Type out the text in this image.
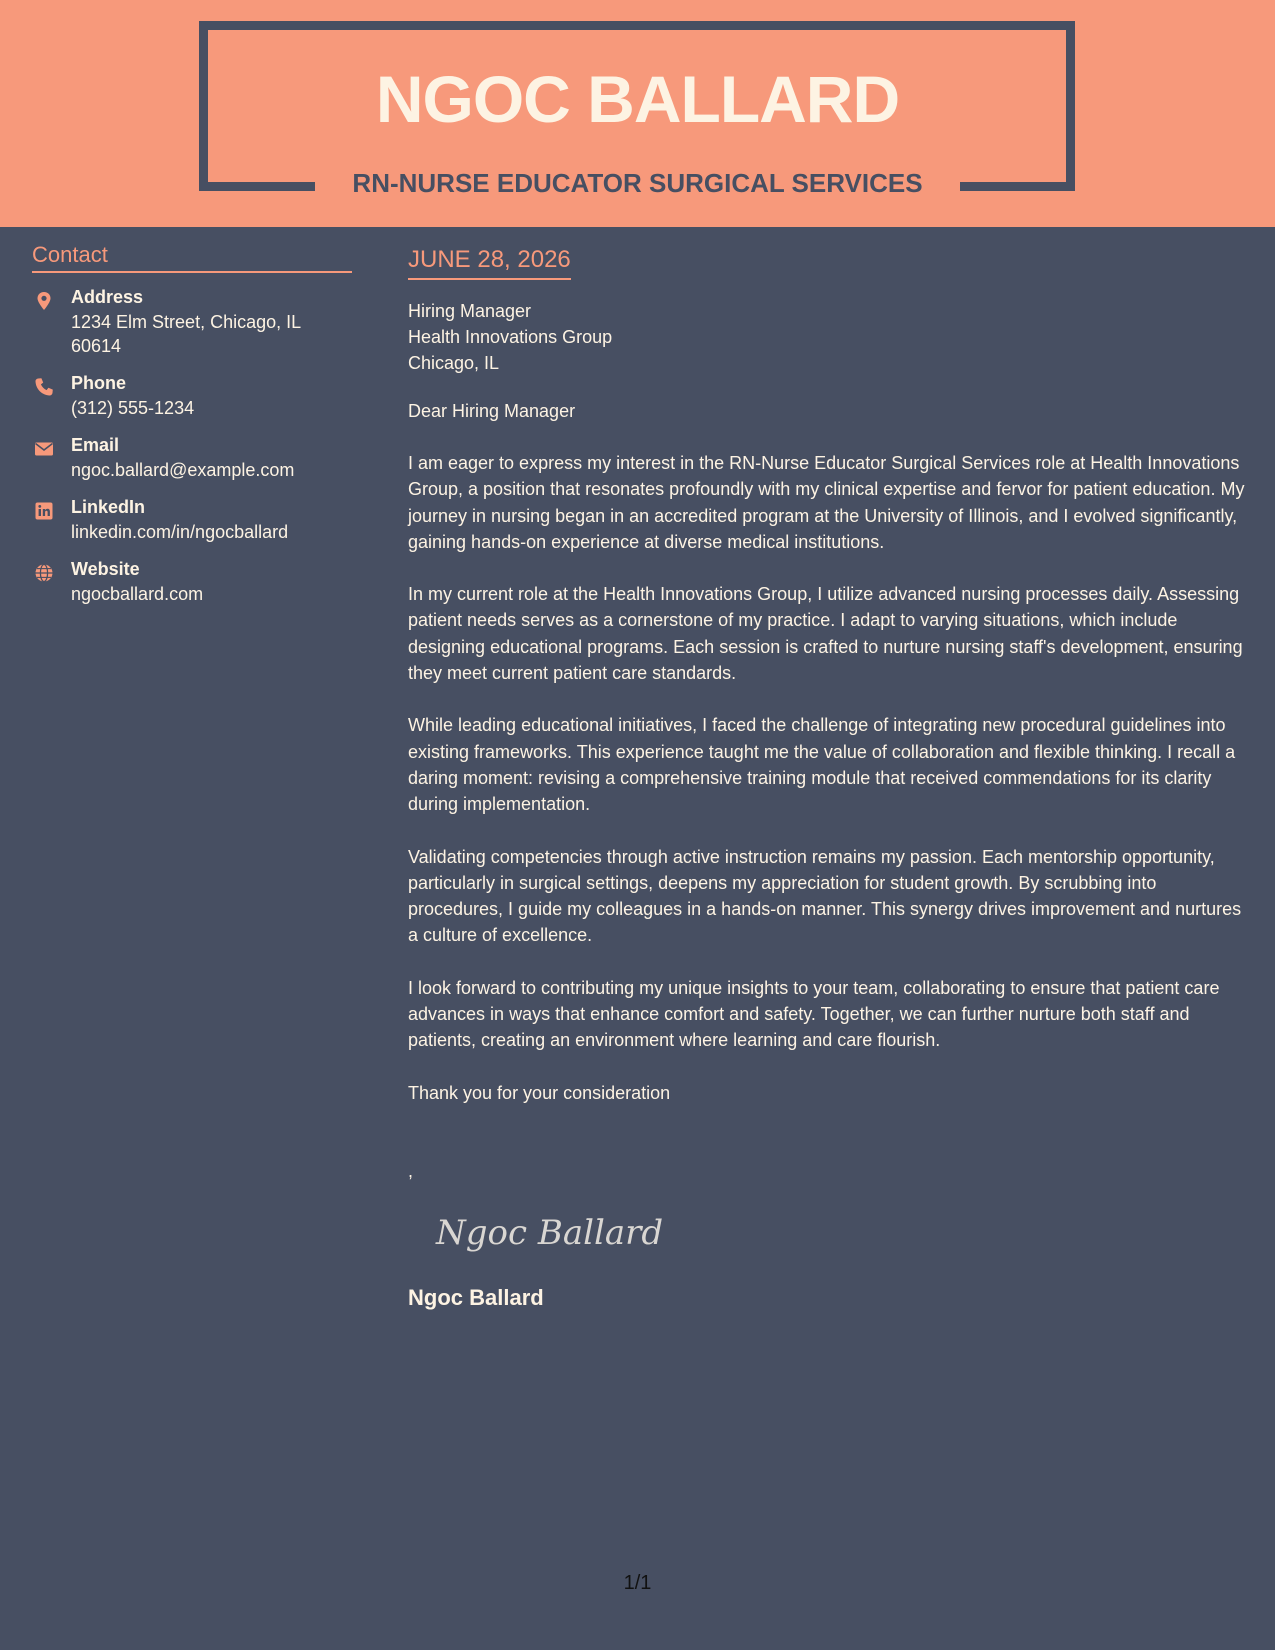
NGOC BALLARD
RN-NURSE EDUCATOR SURGICAL SERVICES
Contact
Address
1234 Elm Street, Chicago, IL 60614
Phone
(312) 555-1234
Email
ngoc.ballard@example.com
LinkedIn
linkedin.com/in/ngocballard
Website
ngocballard.com
JUNE 28, 2026
Hiring Manager
Health Innovations Group
Chicago, IL
Dear Hiring Manager
I am eager to express my interest in the RN-Nurse Educator Surgical Services role at Health Innovations Group, a position that resonates profoundly with my clinical expertise and fervor for patient education. My journey in nursing began in an accredited program at the University of Illinois, and I evolved significantly, gaining hands-on experience at diverse medical institutions.
In my current role at the Health Innovations Group, I utilize advanced nursing processes daily. Assessing patient needs serves as a cornerstone of my practice. I adapt to varying situations, which include designing educational programs. Each session is crafted to nurture nursing staff's development, ensuring they meet current patient care standards.
While leading educational initiatives, I faced the challenge of integrating new procedural guidelines into existing frameworks. This experience taught me the value of collaboration and flexible thinking. I recall a daring moment: revising a comprehensive training module that received commendations for its clarity during implementation.
Validating competencies through active instruction remains my passion. Each mentorship opportunity, particularly in surgical settings, deepens my appreciation for student growth. By scrubbing into procedures, I guide my colleagues in a hands-on manner. This synergy drives improvement and nurtures a culture of excellence.
I look forward to contributing my unique insights to your team, collaborating to ensure that patient care advances in ways that enhance comfort and safety. Together, we can further nurture both staff and patients, creating an environment where learning and care flourish.
Thank you for your consideration
,
Ngoc Ballard
Ngoc Ballard
1/1
